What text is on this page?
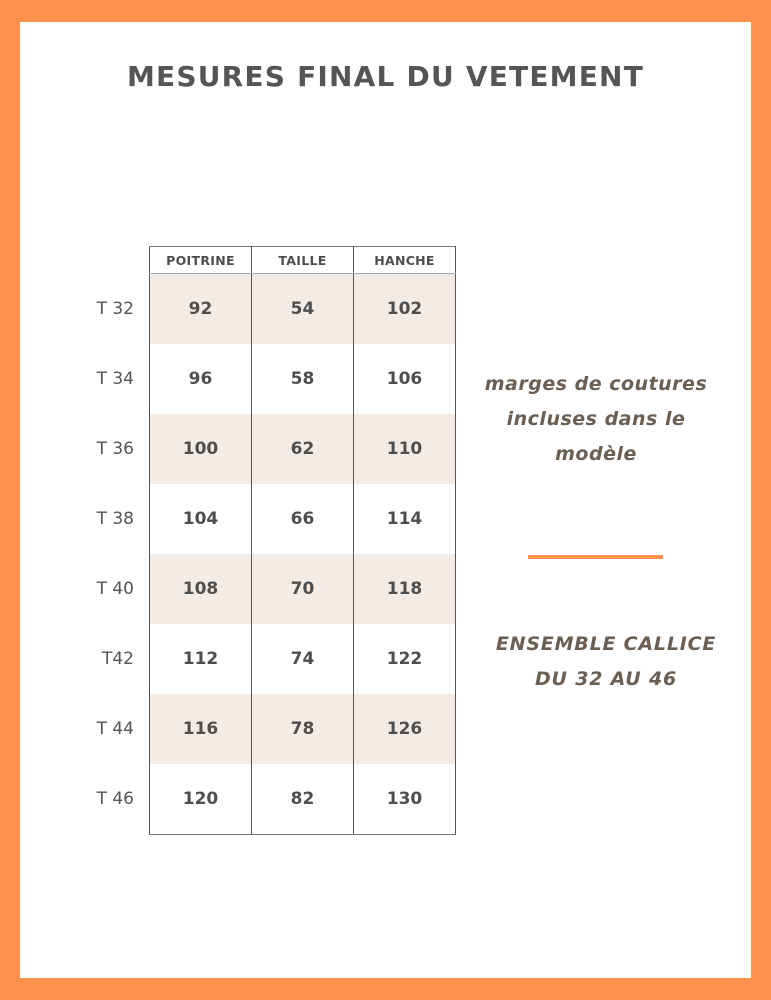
MESURES FINAL DU VETEMENT
	POITRINE	TAILLE	HANCHE

T 32	92	54	102

T 34	96	58	106

T 36	100	62	110

T 38	104	66	114

T 40	108	70	118

T42	112	74	122

T 44	116	78	126

T 46	120	82	130
marges de coutures
incluses dans le
modèle
ENSEMBLE CALLICE
DU 32 AU 46
